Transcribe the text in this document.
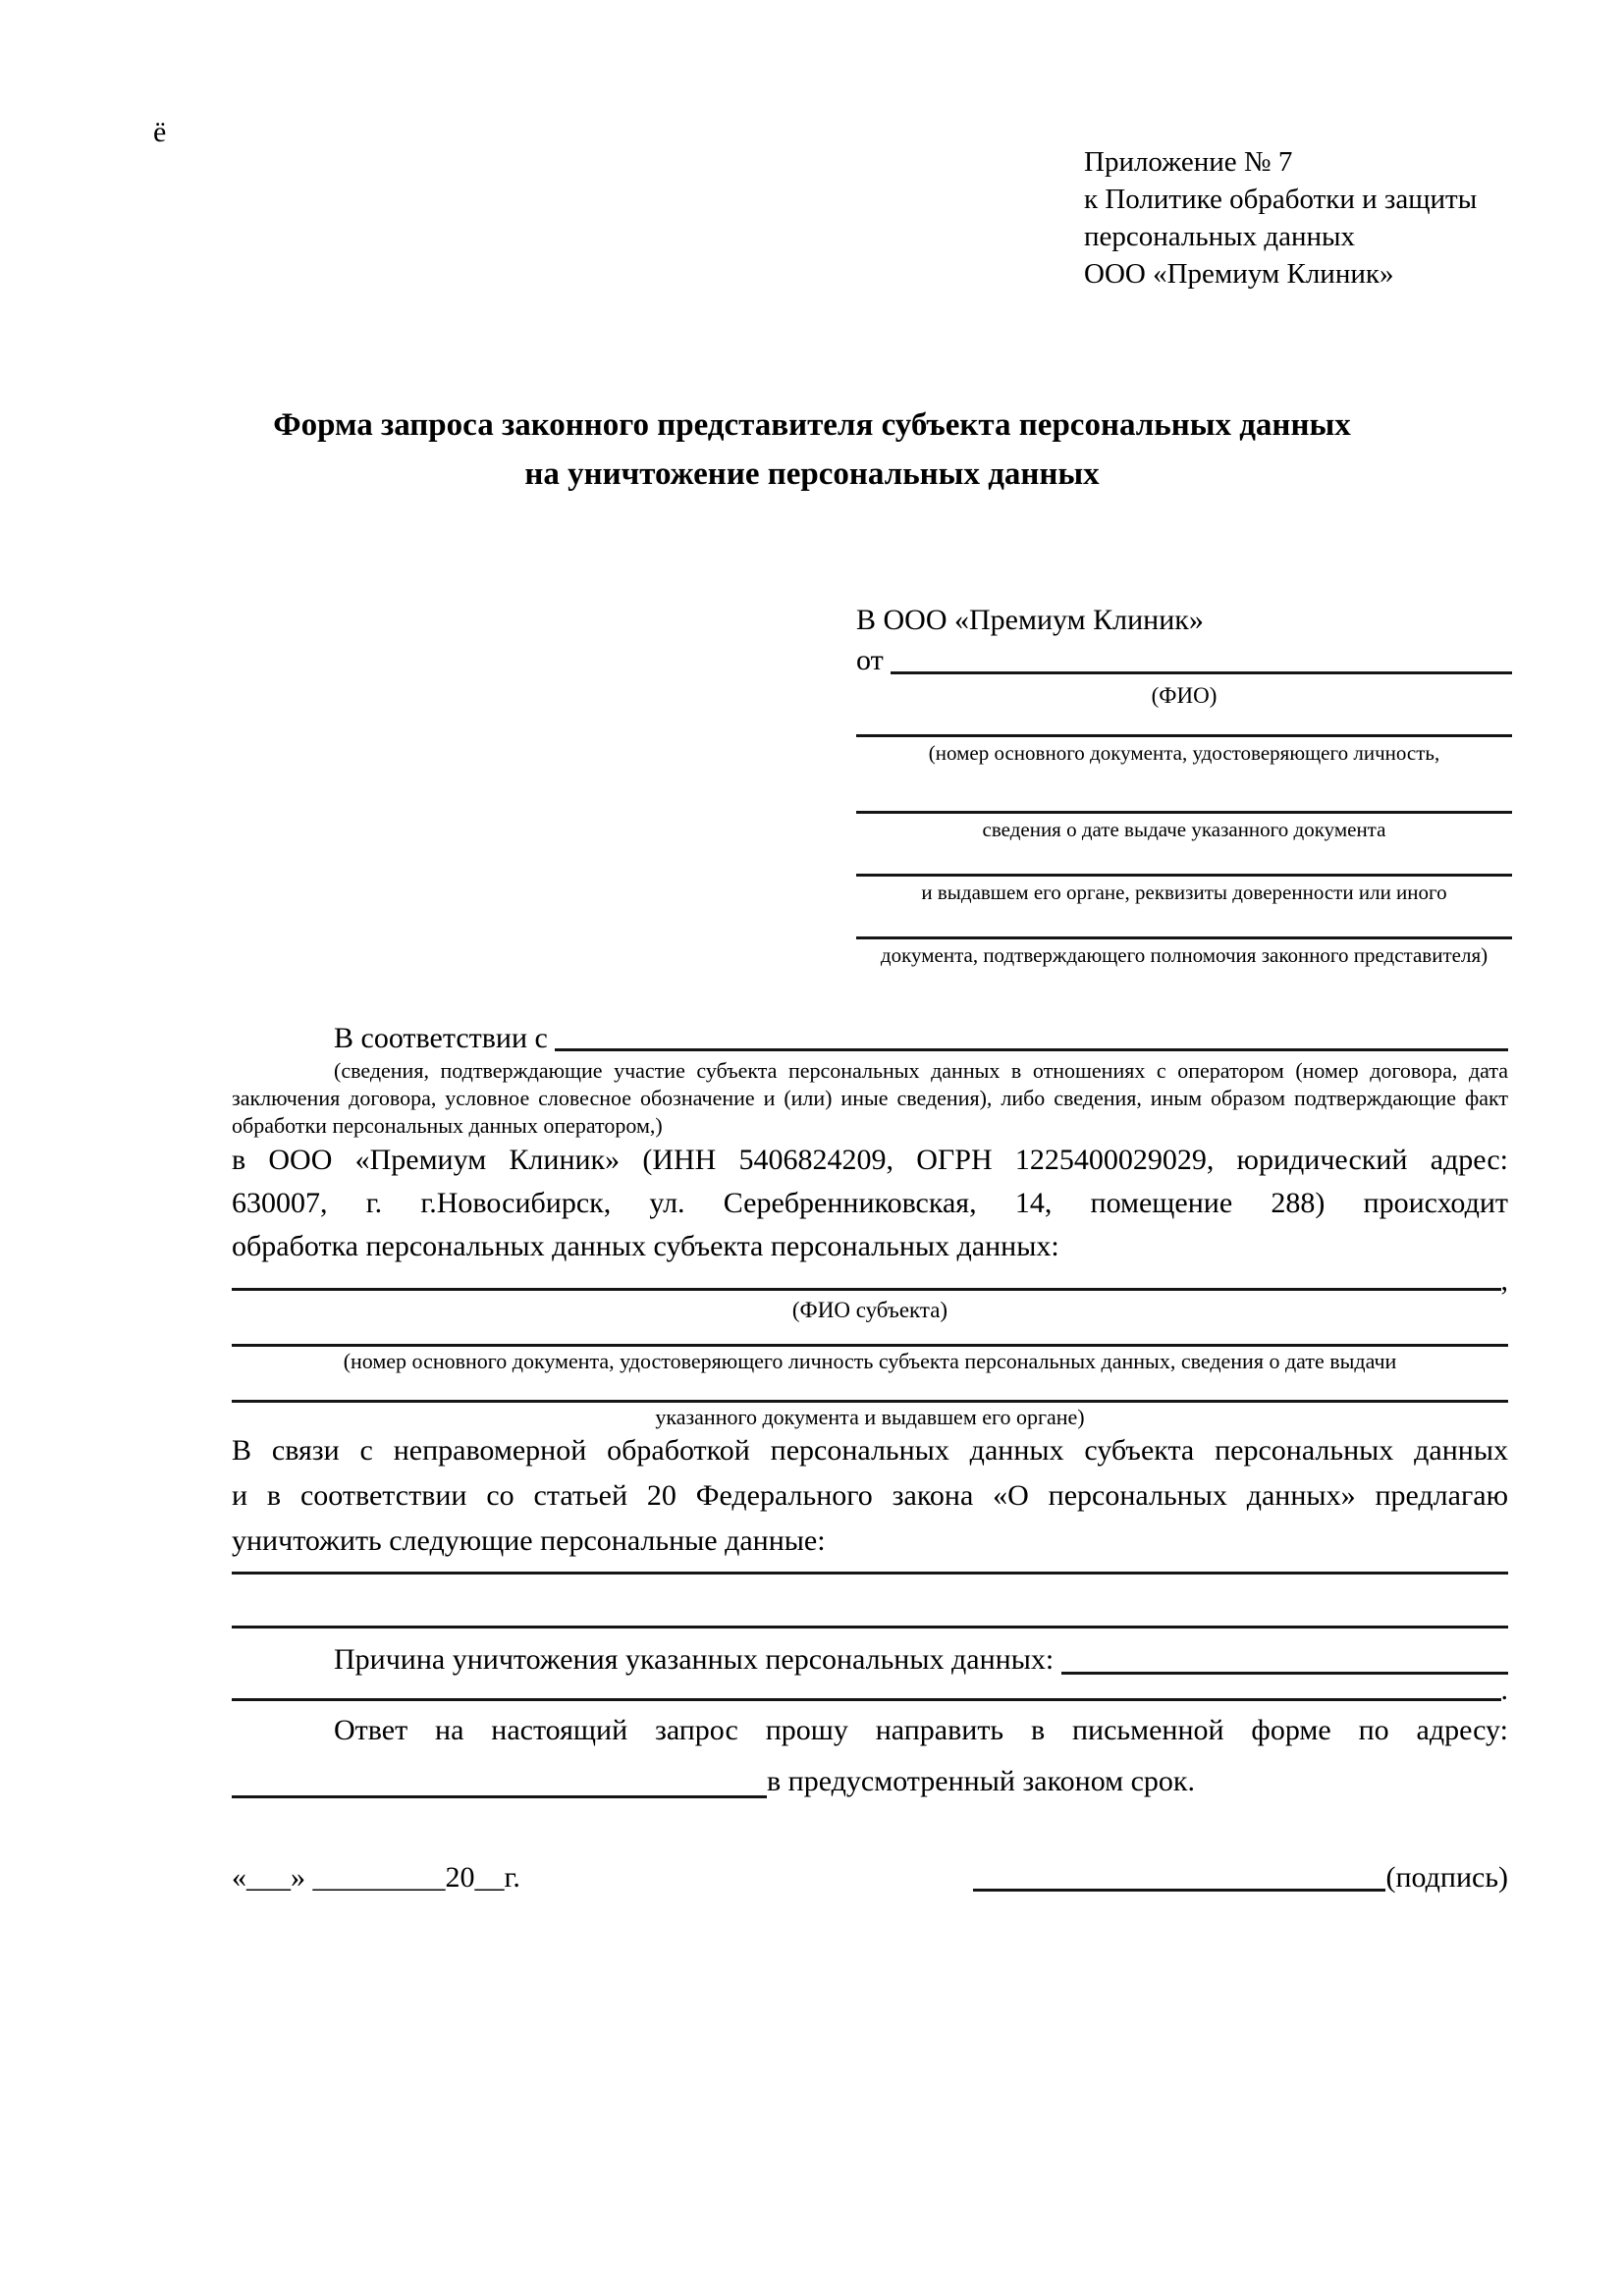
ё
Приложение № 7
к Политике обработки и защиты
персональных данных
ООО «Премиум Клиник»
Форма запроса законного представителя субъекта персональных данных
на уничтожение персональных данных
В ООО «Премиум Клиник»
от
(ФИО)
(номер основного документа, удостоверяющего личность,
сведения о дате выдаче указанного документа
и выдавшем его органе, реквизиты доверенности или иного
документа, подтверждающего полномочия законного представителя)
В соответствии с
(сведения, подтверждающие участие субъекта персональных данных в отношениях с оператором (номер договора, дата
заключения договора, условное словесное обозначение и (или) иные сведения), либо сведения, иным образом подтверждающие факт
обработки персональных данных оператором,)
в ООО «Премиум Клиник» (ИНН 5406824209, ОГРН 1225400029029, юридический адрес:
630007, г. г.Новосибирск, ул. Серебренниковская, 14, помещение 288) происходит
обработка персональных данных субъекта персональных данных:
,
(ФИО субъекта)
(номер основного документа, удостоверяющего личность субъекта персональных данных, сведения о дате выдачи
указанного документа и выдавшем его органе)
В связи с неправомерной обработкой персональных данных субъекта персональных данных
и в соответствии со статьей 20 Федерального закона «О персональных данных» предлагаю
уничтожить следующие персональные данные:
Причина уничтожения указанных персональных данных:
.
Ответ на настоящий запрос прошу направить в письменной форме по адресу:
в предусмотренный законом срок.
«___» _________20__г.	(подпись)
